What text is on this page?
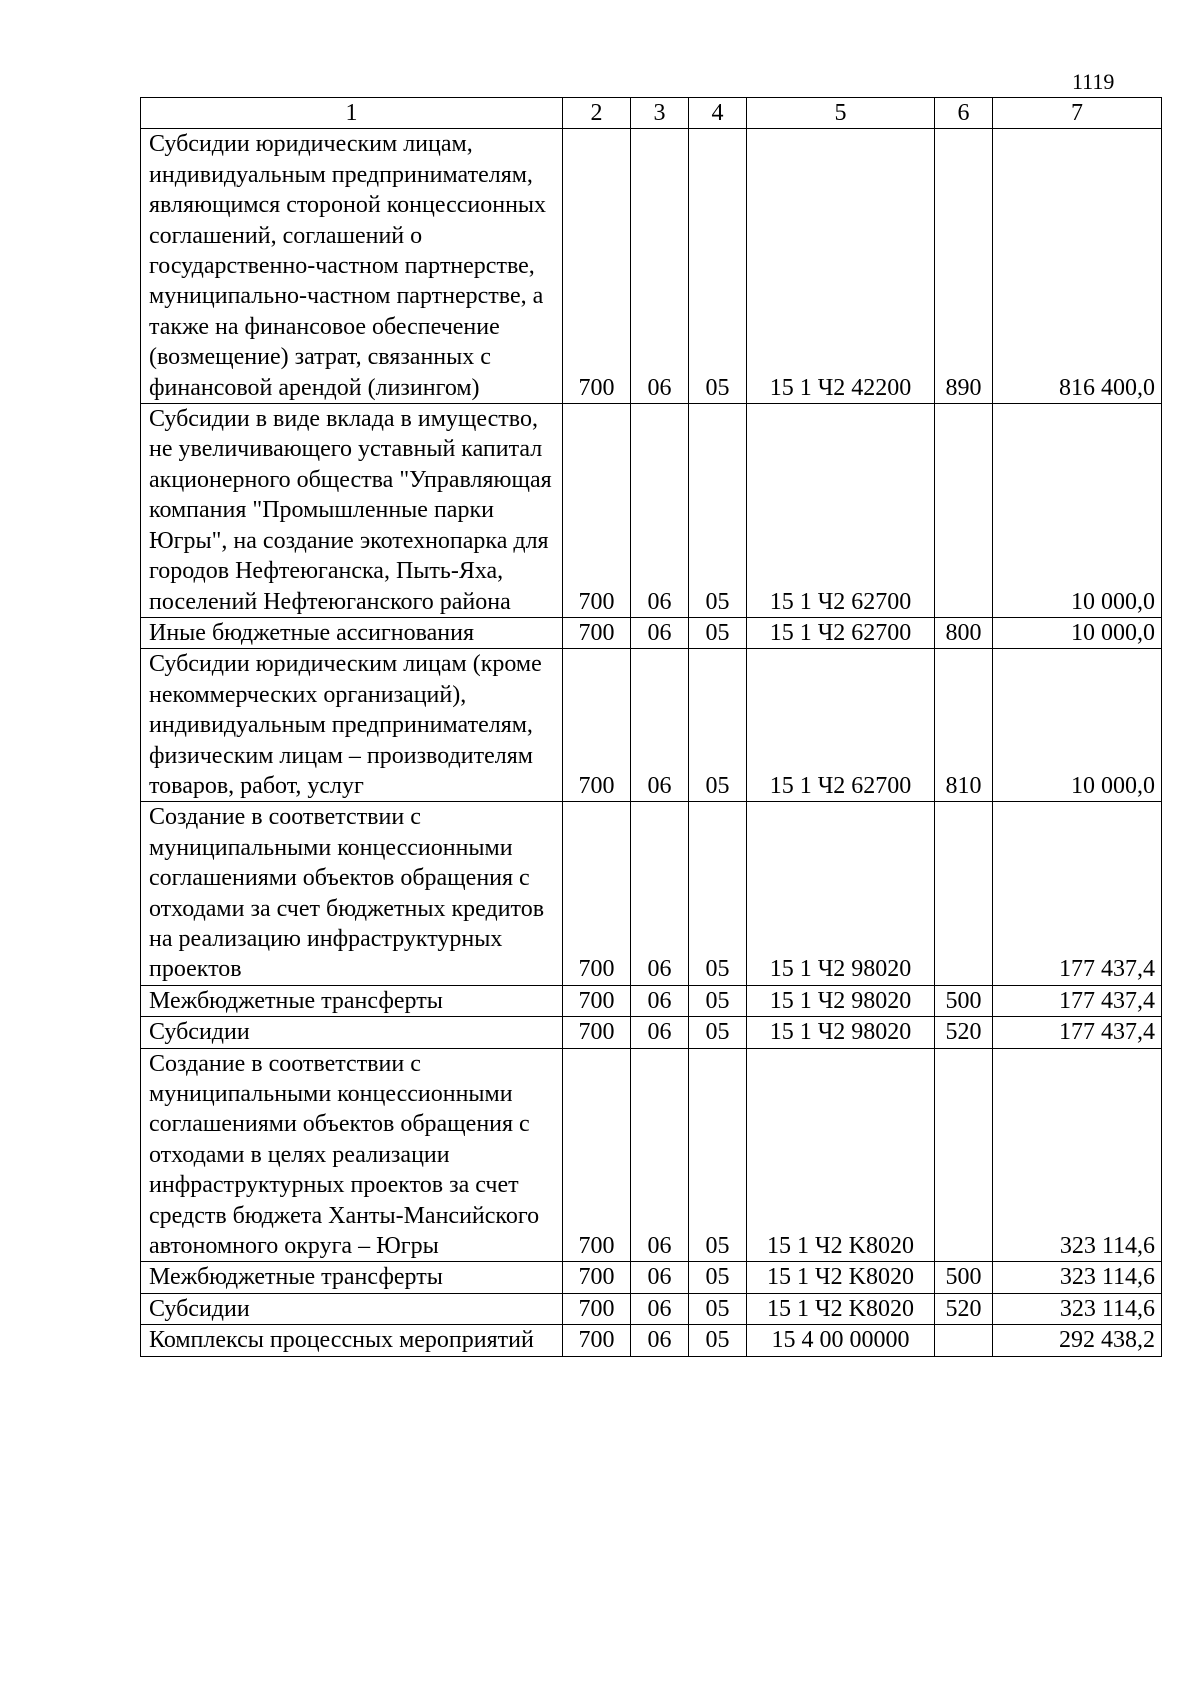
1119
1	2	3	4	5	6	7
Субсидии юридическим лицам, индивидуальным предпринимателям, являющимся стороной концессионных соглашений, соглашений о государственно-частном партнерстве, муниципально-частном партнерстве, а также на финансовое обеспечение (возмещение) затрат, связанных с финансовой арендой (лизингом)	700	06	05	15 1 Ч2 42200	890	816 400,0
Субсидии в виде вклада в имущество, не увеличивающего уставный капитал акционерного общества "Управляющая компания "Промышленные парки Югры", на создание экотехнопарка для городов Нефтеюганска, Пыть-Яха, поселений Нефтеюганского района	700	06	05	15 1 Ч2 62700		10 000,0
Иные бюджетные ассигнования	700	06	05	15 1 Ч2 62700	800	10 000,0
Субсидии юридическим лицам (кроме некоммерческих организаций), индивидуальным предпринимателям, физическим лицам – производителям товаров, работ, услуг	700	06	05	15 1 Ч2 62700	810	10 000,0
Создание в соответствии с муниципальными концессионными соглашениями объектов обращения с отходами за счет бюджетных кредитов на реализацию инфраструктурных проектов	700	06	05	15 1 Ч2 98020		177 437,4
Межбюджетные трансферты	700	06	05	15 1 Ч2 98020	500	177 437,4
Субсидии	700	06	05	15 1 Ч2 98020	520	177 437,4
Создание в соответствии с муниципальными концессионными соглашениями объектов обращения с отходами в целях реализации инфраструктурных проектов за счет средств бюджета Ханты-Мансийского автономного округа – Югры	700	06	05	15 1 Ч2 K8020		323 114,6
Межбюджетные трансферты	700	06	05	15 1 Ч2 K8020	500	323 114,6
Субсидии	700	06	05	15 1 Ч2 K8020	520	323 114,6
Комплексы процессных мероприятий	700	06	05	15 4 00 00000		292 438,2
